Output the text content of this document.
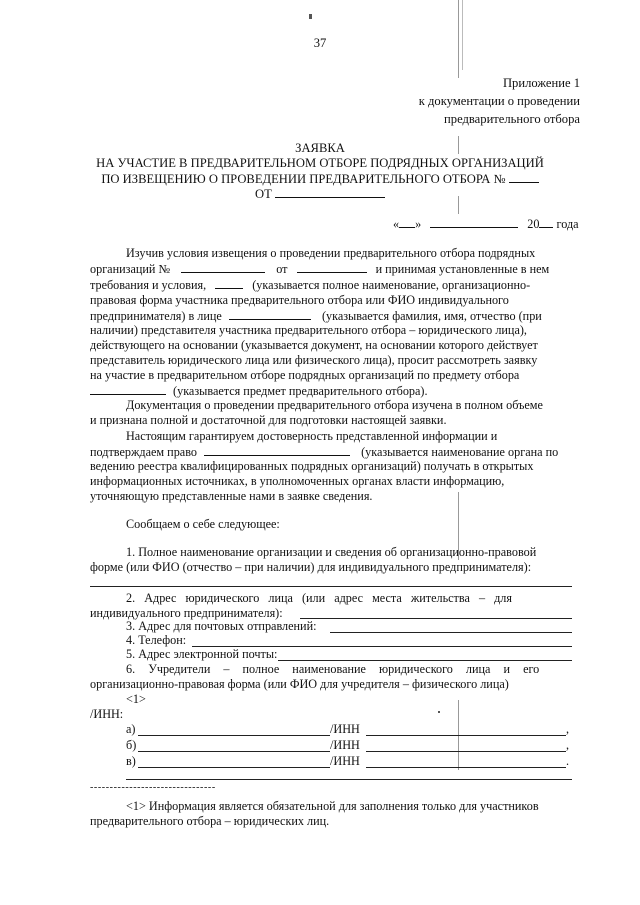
37
Приложение 1
к документации о проведении
предварительного отбора
ЗАЯВКА
НА УЧАСТИЕ В ПРЕДВАРИТЕЛЬНОМ ОТБОРЕ ПОДРЯДНЫХ ОРГАНИЗАЦИЙ
ПО ИЗВЕЩЕНИЮ О ПРОВЕДЕНИИ ПРЕДВАРИТЕЛЬНОГО ОТБОРА №
ОТ
« »	20 года
Изучив условия извещения о проведении предварительного отбора подрядных
организаций №	от	и принимая установленные в нем
требования и условия,	(указывается полное наименование, организационно-
правовая форма участника предварительного отбора или ФИО индивидуального
предпринимателя) в лице	(указывается фамилия, имя, отчество (при
наличии) представителя участника предварительного отбора – юридического лица),
действующего на основании (указывается документ, на основании которого действует
представитель юридического лица или физического лица), просит рассмотреть заявку
на участие в предварительном отборе подрядных организаций по предмету отбора
(указывается предмет предварительного отбора).
Документация о проведении предварительного отбора изучена в полном объеме
и признана полной и достаточной для подготовки настоящей заявки.
Настоящим гарантируем достоверность представленной информации и
подтверждаем право	(указывается наименование органа по
ведению реестра квалифицированных подрядных организаций) получать в открытых
информационных источниках, в уполномоченных органах власти информацию,
уточняющую представленные нами в заявке сведения.
Сообщаем о себе следующее:
1. Полное наименование организации и сведения об организационно-правовой
форме (или ФИО (отчество – при наличии) для индивидуального предпринимателя):
2. Адрес юридического лица (или адрес места жительства – для
индивидуального предпринимателя):
3. Адрес для почтовых отправлений:
4. Телефон:
5. Адрес электронной почты:
6. Учредители – полное наименование юридического лица и его
организационно-правовая форма (или ФИО для учредителя – физического лица)
<1>
/ИНН:
а)	/ИНН	,
б)	/ИНН	,
в)	/ИНН	.
--------------------------------
<1> Информация является обязательной для заполнения только для участников
предварительного отбора – юридических лиц.
